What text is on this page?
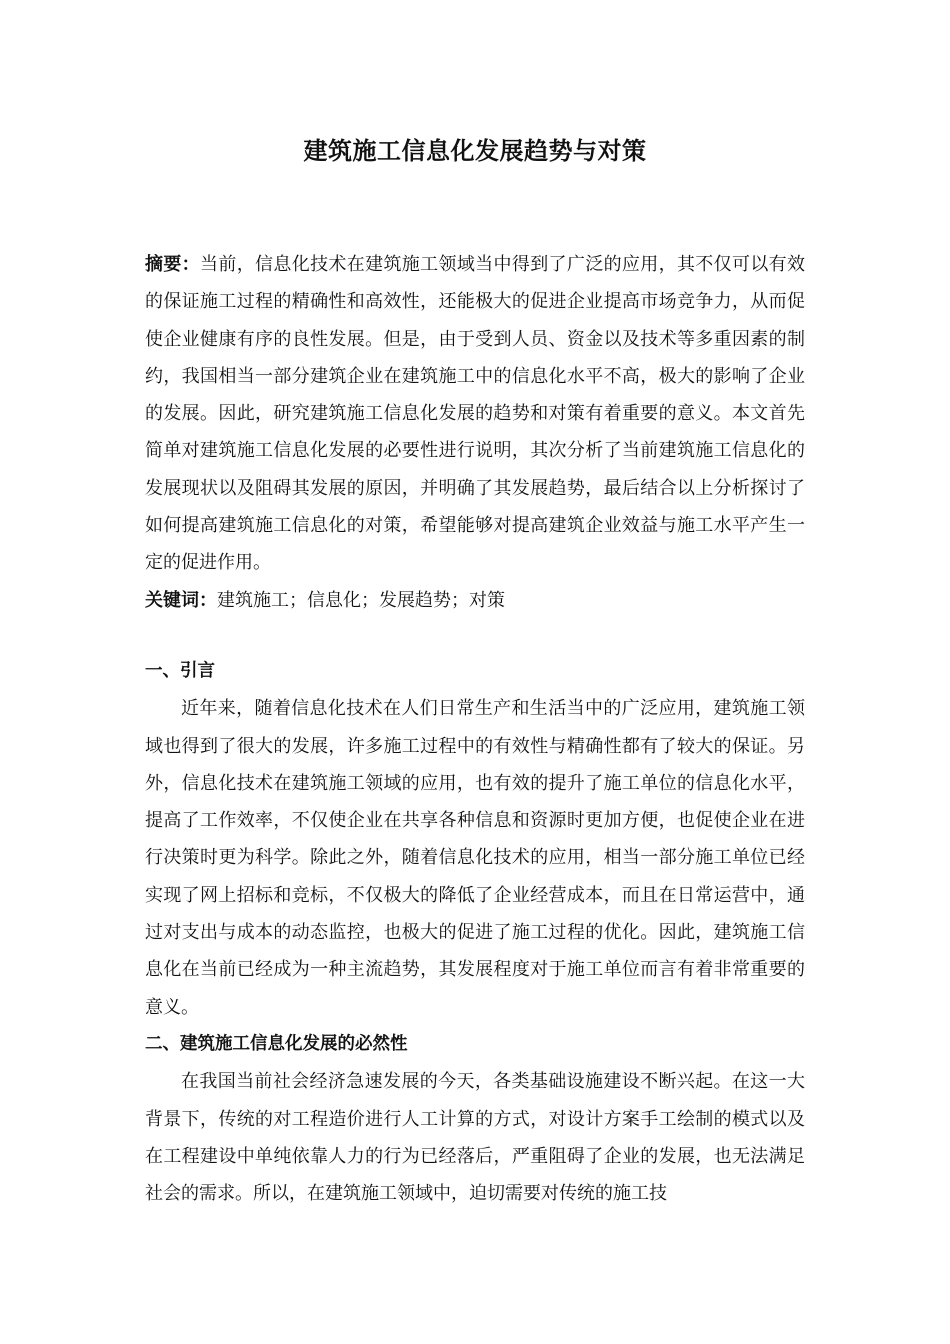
建筑施工信息化发展趋势与对策

摘要：当前，信息化技术在建筑施工领域当中得到了广泛的应用，其不仅可以有效的保证施工过程的精确性和高效性，还能极大的促进企业提高市场竞争力，从而促使企业健康有序的良性发展。但是，由于受到人员、资金以及技术等多重因素的制约，我国相当一部分建筑企业在建筑施工中的信息化水平不高，极大的影响了企业的发展。因此，研究建筑施工信息化发展的趋势和对策有着重要的意义。本文首先简单对建筑施工信息化发展的必要性进行说明，其次分析了当前建筑施工信息化的发展现状以及阻碍其发展的原因，并明确了其发展趋势，最后结合以上分析探讨了如何提高建筑施工信息化的对策，希望能够对提高建筑企业效益与施工水平产生一定的促进作用。

关键词：建筑施工；信息化；发展趋势；对策

一、引言

近年来，随着信息化技术在人们日常生产和生活当中的广泛应用，建筑施工领域也得到了很大的发展，许多施工过程中的有效性与精确性都有了较大的保证。另外，信息化技术在建筑施工领域的应用，也有效的提升了施工单位的信息化水平，提高了工作效率，不仅使企业在共享各种信息和资源时更加方便，也促使企业在进行决策时更为科学。除此之外，随着信息化技术的应用，相当一部分施工单位已经实现了网上招标和竞标，不仅极大的降低了企业经营成本，而且在日常运营中，通过对支出与成本的动态监控，也极大的促进了施工过程的优化。因此，建筑施工信息化在当前已经成为一种主流趋势，其发展程度对于施工单位而言有着非常重要的意义。

二、建筑施工信息化发展的必然性

在我国当前社会经济急速发展的今天，各类基础设施建设不断兴起。在这一大背景下，传统的对工程造价进行人工计算的方式，对设计方案手工绘制的模式以及在工程建设中单纯依靠人力的行为已经落后，严重阻碍了企业的发展，也无法满足社会的需求。所以，在建筑施工领域中，迫切需要对传统的施工技
